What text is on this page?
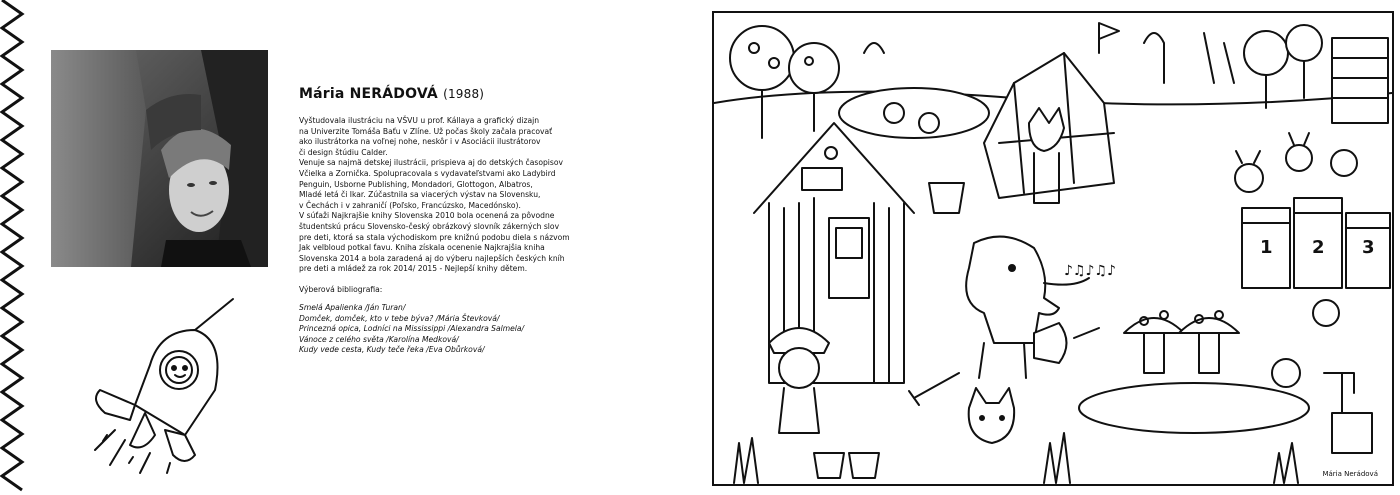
Mária NERÁDOVÁ (1988)

Vyštudovala ilustráciu na VŠVU u prof. Kállaya a grafický dizajn
na Univerzite Tomáša Baťu v Zlíne. Už počas školy začala pracovať
ako ilustrátorka na voľnej nohe, neskôr i v Asociácii ilustrátorov
či design štúdiu Calder.
Venuje sa najmä detskej ilustrácii, prispieva aj do detských časopisov
Včielka a Zornička. Spolupracovala s vydavateľstvami ako Ladybird
Penguin, Usborne Publishing, Mondadori, Glottogon, Albatros,
Mladé letá či Ikar. Zúčastnila sa viacerých výstav na Slovensku,
v Čechách i v zahraničí (Poľsko, Francúzsko, Macedónsko).
V súťaži Najkrajšie knihy Slovenska 2010 bola ocenená za pôvodne
študentskú prácu Slovensko-český obrázkový slovník zákerných slov
pre deti, ktorá sa stala východiskom pre knižnú podobu diela s názvom
Jak velbloud potkal ťavu. Kniha získala ocenenie Najkrajšia kniha
Slovenska 2014 a bola zaradená aj do výberu najlepších českých kníh
pre deti a mládež za rok 2014/ 2015 - Nejlepší knihy dětem.

Výberová bibliografia:
Smelá Apalienka /Ján Turan/
Domček, domček, kto v tebe býva? /Mária Števková/
Princezná opica, Lodníci na Mississippi /Alexandra Salmela/
Vánoce z celého světa /Karolína Medková/
Kudy vede cesta, Kudy teče řeka /Eva Obůrková/
1 2 3
♪♫♪♫♪
Mária Nerádová
